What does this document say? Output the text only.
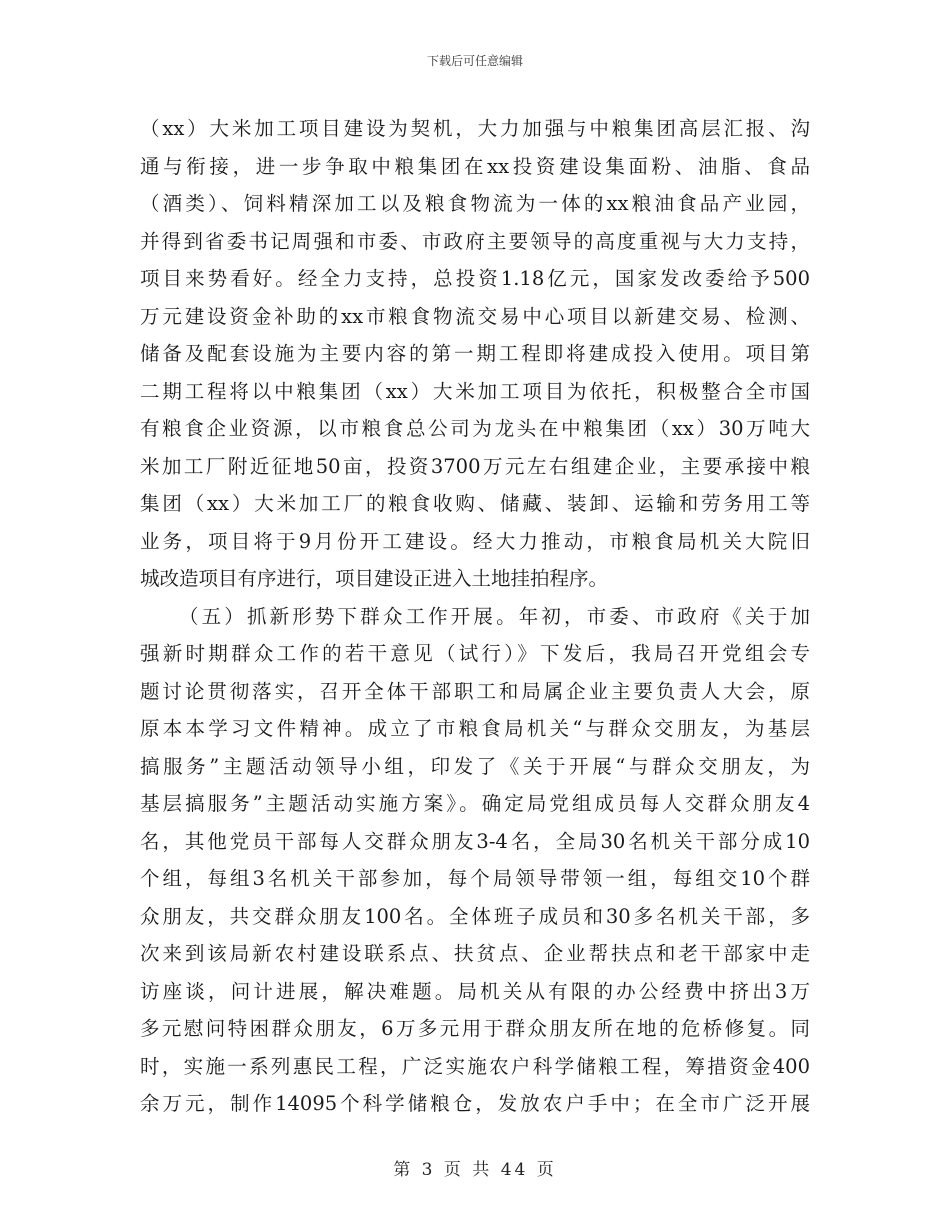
下载后可任意编辑
（xx）大米加工项目建设为契机，大力加强与中粮集团高层汇报、沟
通与衔接，进一步争取中粮集团在xx投资建设集面粉、油脂、食品
（酒类）、饲料精深加工以及粮食物流为一体的xx粮油食品产业园，
并得到省委书记周强和市委、市政府主要领导的高度重视与大力支持，
项目来势看好。经全力支持，总投资1.18亿元，国家发改委给予500
万元建设资金补助的xx市粮食物流交易中心项目以新建交易、检测、
储备及配套设施为主要内容的第一期工程即将建成投入使用。项目第
二期工程将以中粮集团（xx）大米加工项目为依托，积极整合全市国
有粮食企业资源，以市粮食总公司为龙头在中粮集团（xx）30万吨大
米加工厂附近征地50亩，投资3700万元左右组建企业，主要承接中粮
集团（xx）大米加工厂的粮食收购、储藏、装卸、运输和劳务用工等
业务，项目将于9月份开工建设。经大力推动，市粮食局机关大院旧
城改造项目有序进行，项目建设正进入土地挂拍程序。
（五）抓新形势下群众工作开展。年初，市委、市政府《关于加
强新时期群众工作的若干意见（试行）》下发后，我局召开党组会专
题讨论贯彻落实，召开全体干部职工和局属企业主要负责人大会，原
原本本学习文件精神。成立了市粮食局机关“与群众交朋友，为基层
搞服务”主题活动领导小组，印发了《关于开展“与群众交朋友，为
基层搞服务”主题活动实施方案》。确定局党组成员每人交群众朋友4
名，其他党员干部每人交群众朋友3-4名，全局30名机关干部分成10
个组，每组3名机关干部参加，每个局领导带领一组，每组交10个群
众朋友，共交群众朋友100名。全体班子成员和30多名机关干部，多
次来到该局新农村建设联系点、扶贫点、企业帮扶点和老干部家中走
访座谈，问计进展，解决难题。局机关从有限的办公经费中挤出3万
多元慰问特困群众朋友，6万多元用于群众朋友所在地的危桥修复。同
时，实施一系列惠民工程，广泛实施农户科学储粮工程，筹措资金400
余万元，制作14095个科学储粮仓，发放农户手中；在全市广泛开展
第 3 页 共 44 页
